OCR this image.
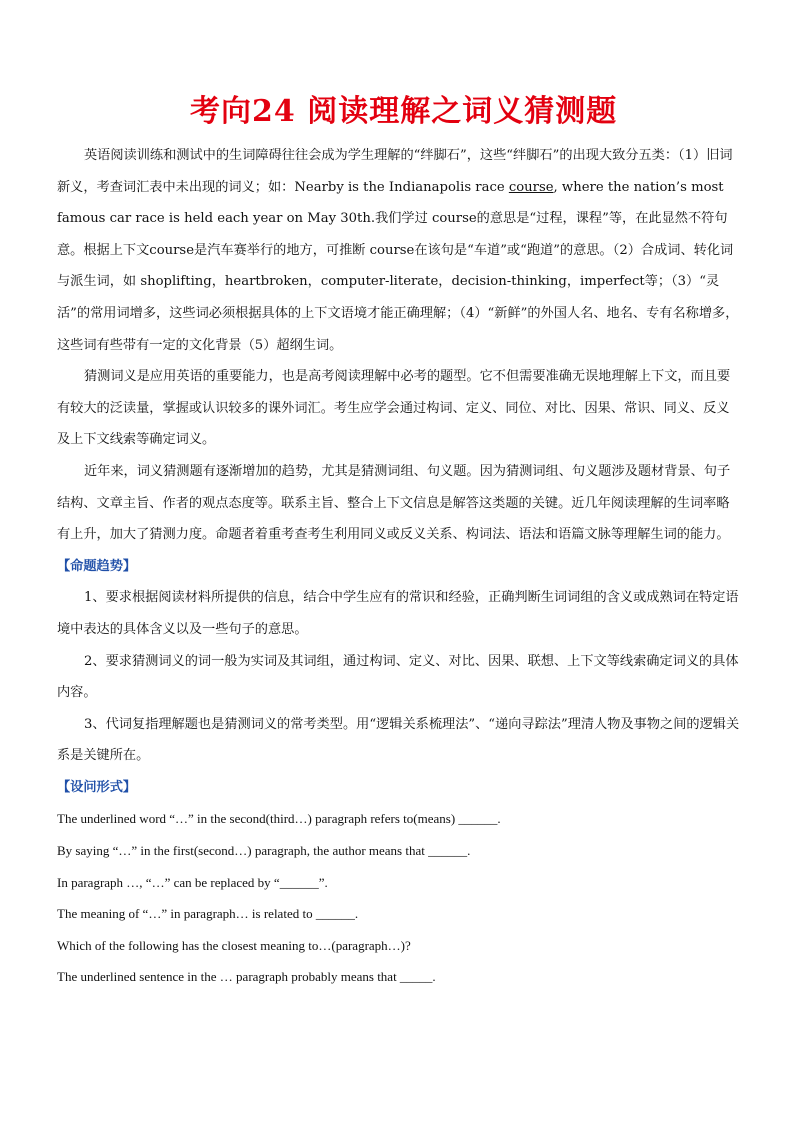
考向24 阅读理解之词义猜测题

英语阅读训练和测试中的生词障碍往往会成为学生理解的“绊脚石”，这些“绊脚石”的出现大致分五类：（1）旧词新义，考查词汇表中未出现的词义；如：Nearby is the Indianapolis race course, where the nation’s most famous car race is held each year on May 30th.我们学过 course的意思是“过程，课程”等，在此显然不符句意。根据上下文course是汽车赛举行的地方，可推断 course在该句是“车道”或“跑道”的意思。（2）合成词、转化词与派生词，如 shoplifting，heartbroken，computer-literate，decision-thinking，imperfect等；（3）“灵活”的常用词增多，这些词必须根据具体的上下文语境才能正确理解；（4）“新鲜”的外国人名、地名、专有名称增多，这些词有些带有一定的文化背景（5）超纲生词。

猜测词义是应用英语的重要能力，也是高考阅读理解中必考的题型。它不但需要准确无误地理解上下文，而且要有较大的泛读量，掌握或认识较多的课外词汇。考生应学会通过构词、定义、同位、对比、因果、常识、同义、反义及上下文线索等确定词义。

近年来，词义猜测题有逐渐增加的趋势，尤其是猜测词组、句义题。因为猜测词组、句义题涉及题材背景、句子结构、文章主旨、作者的观点态度等。联系主旨、整合上下文信息是解答这类题的关键。近几年阅读理解的生词率略有上升，加大了猜测力度。命题者着重考查考生利用同义或反义关系、构词法、语法和语篇文脉等理解生词的能力。

【命题趋势】

1、要求根据阅读材料所提供的信息，结合中学生应有的常识和经验，正确判断生词词组的含义或成熟词在特定语境中表达的具体含义以及一些句子的意思。

2、要求猜测词义的词一般为实词及其词组，通过构词、定义、对比、因果、联想、上下文等线索确定词义的具体内容。

3、代词复指理解题也是猜测词义的常考类型。用“逻辑关系梳理法”、“递向寻踪法”理清人物及事物之间的逻辑关系是关键所在。

【设问形式】

The underlined word “…” in the second(third…) paragraph refers to(means) ______.

By saying “…” in the first(second…) paragraph, the author means that ______.

In paragraph …, “…” can be replaced by “______”.

The meaning of “…” in paragraph… is related to ______.

Which of the following has the closest meaning to…(paragraph…)?

The underlined sentence in the … paragraph probably means that _____.
